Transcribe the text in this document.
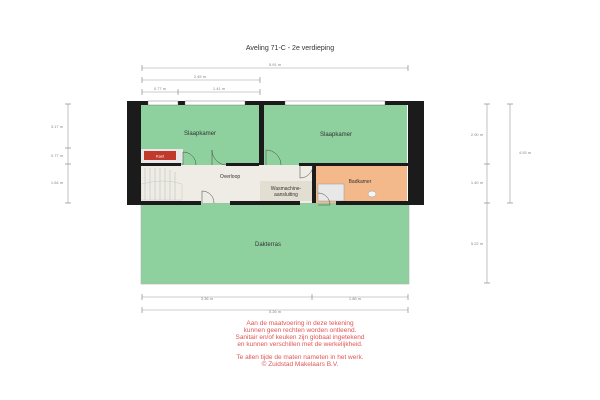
Aveling 71-C - 2e verdieping
5.91 m
2.45 m
0.77 m	1.41 m
3.17 m
0.77 m
1.64 m
2.90 m
1.40 m
5.22 m
4.93 m
3.36 m	1.86 m
5.26 m
Dakterras
Slaapkamer	Slaapkamer
Overloop
Wasmachine-
aansluiting
Badkamer
Kast
Aan de maatvoering in deze tekening
kunnen geen rechten worden ontleend.
Sanitair en/of keuken zijn globaal ingetekend
en kunnen verschillen met de werkelijkheid.
Te allen tijde de maten nameten in het werk.
© Zuidstad Makelaars B.V.
